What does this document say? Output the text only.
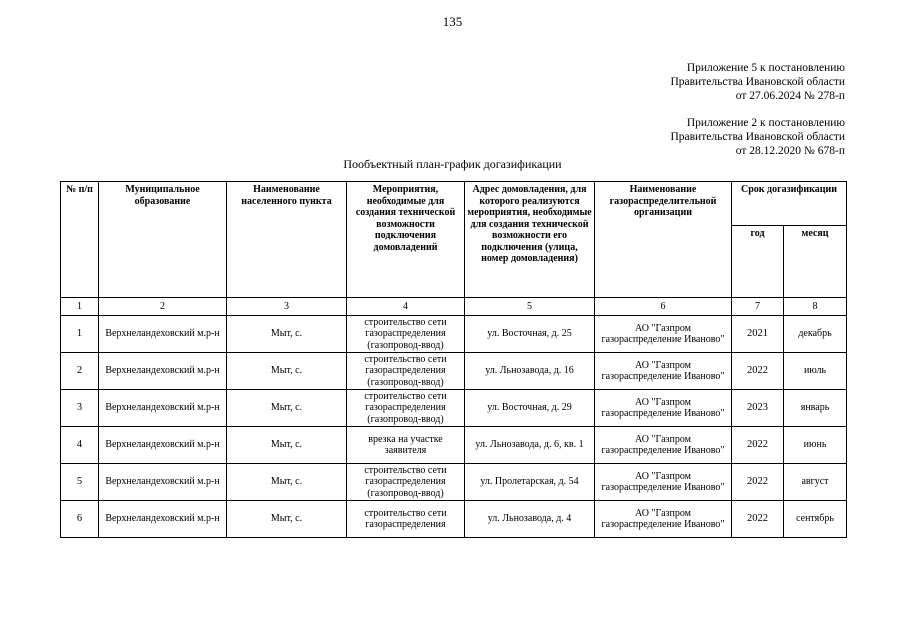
135
Приложение 5 к постановлению
Правительства Ивановской области
от 27.06.2024 № 278-п
Приложение 2 к постановлению
Правительства Ивановской области
от 28.12.2020 № 678-п
Пообъектный план-график догазификации
№ п/п	Муниципальное образование	Наименование населенного пункта	Мероприятия, необходимые для создания технической возможности подключения домовладений	Адрес домовладения, для которого реализуются мероприятия, необходимые для создания технической возможности его подключения (улица, номер домовладения)	Наименование газораспределительной организации	Срок догазификации	
						год	месяц
1	2	3	4	5	6	7	8
1	Верхнеландеховский м.р-н	Мыт, с.	строительство сети газораспределения (газопровод-ввод)	ул. Восточная, д. 25	АО "Газпром газораспределение Иваново"	2021	декабрь
2	Верхнеландеховский м.р-н	Мыт, с.	строительство сети газораспределения (газопровод-ввод)	ул. Льнозавода, д. 16	АО "Газпром газораспределение Иваново"	2022	июль
3	Верхнеландеховский м.р-н	Мыт, с.	строительство сети газораспределения (газопровод-ввод)	ул. Восточная, д. 29	АО "Газпром газораспределение Иваново"	2023	январь
4	Верхнеландеховский м.р-н	Мыт, с.	врезка на участке заявителя	ул. Льнозавода, д. 6, кв. 1	АО "Газпром газораспределение Иваново"	2022	июнь
5	Верхнеландеховский м.р-н	Мыт, с.	строительство сети газораспределения (газопровод-ввод)	ул. Пролетарская, д. 54	АО "Газпром газораспределение Иваново"	2022	август
6	Верхнеландеховский м.р-н	Мыт, с.	строительство сети газораспределения	ул. Льнозавода, д. 4	АО "Газпром газораспределение Иваново"	2022	сентябрь
